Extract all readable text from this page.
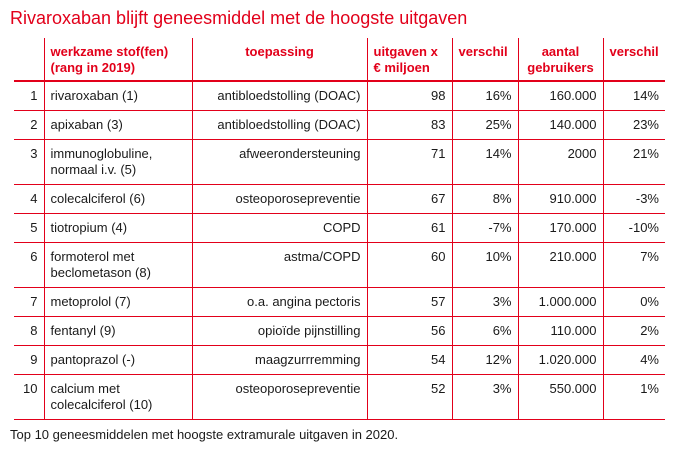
Rivaroxaban blijft geneesmiddel met de hoogste uitgaven
	werkzame stof(fen) (rang in 2019)	toepassing	uitgaven x € miljoen	verschil	aantal gebruikers	verschil
1	rivaroxaban (1)	antibloedstolling (DOAC)	98	16%	160.000	14%
2	apixaban (3)	antibloedstolling (DOAC)	83	25%	140.000	23%
3	immunoglobuline, normaal i.v. (5)	afweerondersteuning	71	14%	2000	21%
4	colecalciferol (6)	osteoporosepreventie	67	8%	910.000	-3%
5	tiotropium (4)	COPD	61	-7%	170.000	-10%
6	formoterol met beclometason (8)	astma/COPD	60	10%	210.000	7%
7	metoprolol (7)	o.a. angina pectoris	57	3%	1.000.000	0%
8	fentanyl (9)	opioïde pijnstilling	56	6%	110.000	2%
9	pantoprazol (-)	maagzurrremming	54	12%	1.020.000	4%
10	calcium met colecalciferol (10)	osteoporosepreventie	52	3%	550.000	1%
Top 10 geneesmiddelen met hoogste extramurale uitgaven in 2020.
